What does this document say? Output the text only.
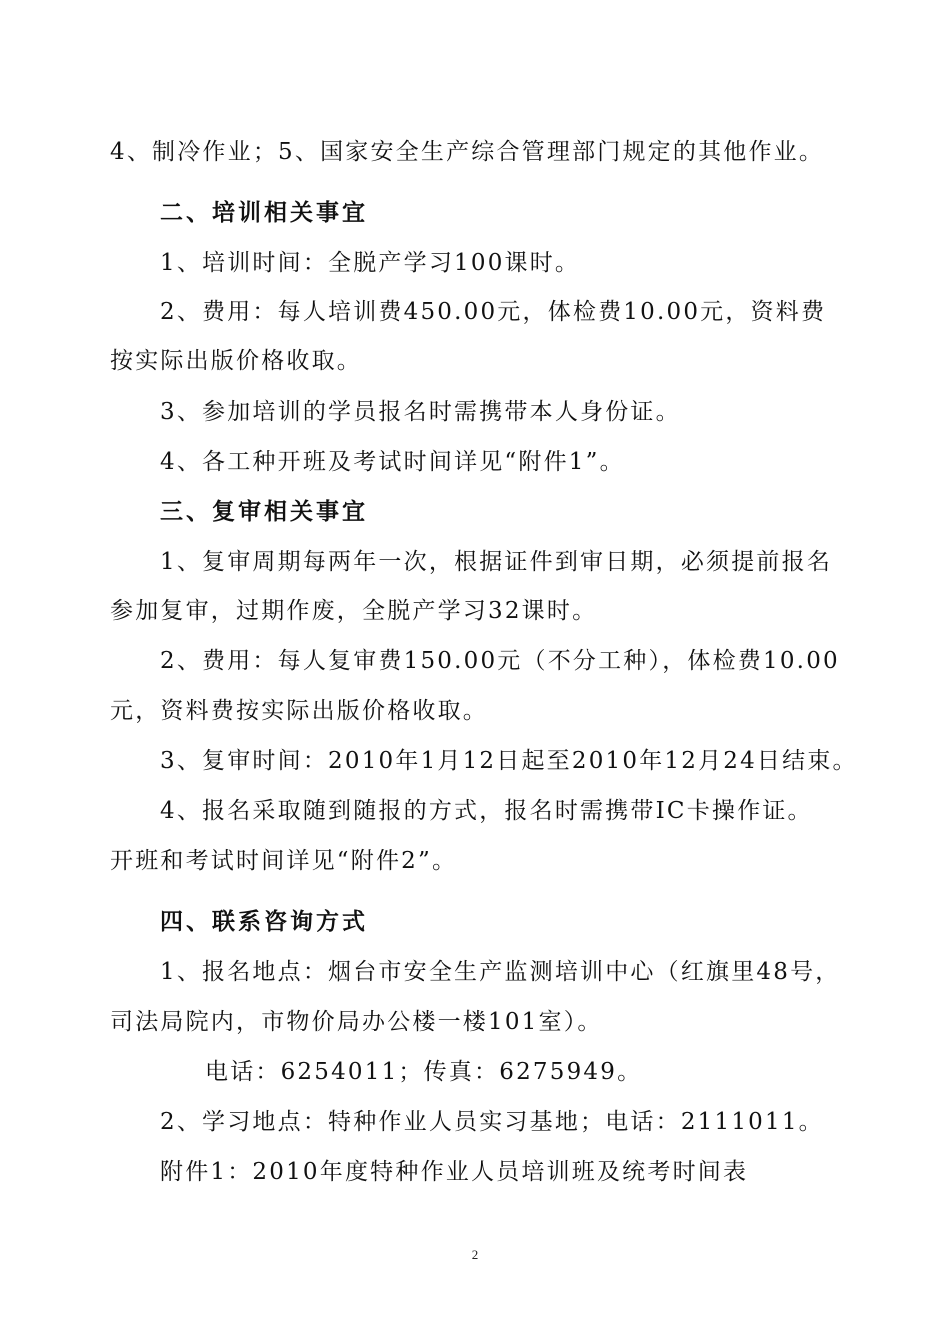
4、制冷作业；5、国家安全生产综合管理部门规定的其他作业。
二、培训相关事宜
1、培训时间：全脱产学习100课时。
2、费用：每人培训费450.00元，体检费10.00元，资料费
按实际出版价格收取。
3、参加培训的学员报名时需携带本人身份证。
4、各工种开班及考试时间详见“附件1”。
三、复审相关事宜
1、复审周期每两年一次，根据证件到审日期，必须提前报名
参加复审，过期作废，全脱产学习32课时。
2、费用：每人复审费150.00元（不分工种），体检费10.00
元，资料费按实际出版价格收取。
3、复审时间：2010年1月12日起至2010年12月24日结束。
4、报名采取随到随报的方式，报名时需携带IC卡操作证。
开班和考试时间详见“附件2”。
四、联系咨询方式
1、报名地点：烟台市安全生产监测培训中心（红旗里48号，
司法局院内，市物价局办公楼一楼101室）。
电话：6254011；传真：6275949。
2、学习地点：特种作业人员实习基地；电话：2111011。
附件1：2010年度特种作业人员培训班及统考时间表
2
